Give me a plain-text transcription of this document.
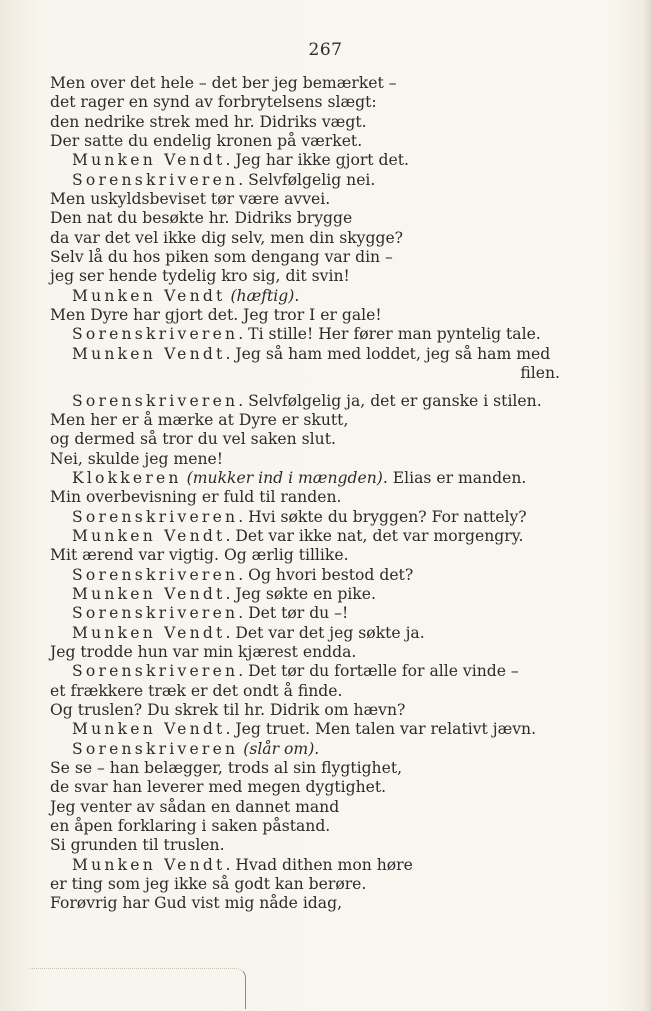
267
Men over det hele – det ber jeg bemærket –
det rager en synd av forbrytelsens slægt:
den nedrike strek med hr. Didriks vægt.
Der satte du endelig kronen på værket.
Munken Vendt. Jeg har ikke gjort det.
Sorenskriveren. Selvfølgelig nei.
Men uskyldsbeviset tør være avvei.
Den nat du besøkte hr. Didriks brygge
da var det vel ikke dig selv, men din skygge?
Selv lå du hos piken som dengang var din –
jeg ser hende tydelig kro sig, dit svin!
Munken Vendt (hæftig).
Men Dyre har gjort det. Jeg tror I er gale!
Sorenskriveren. Ti stille! Her fører man pyntelig tale.
Munken Vendt. Jeg så ham med loddet, jeg så ham med
filen.
Sorenskriveren. Selvfølgelig ja, det er ganske i stilen.
Men her er å mærke at Dyre er skutt,
og dermed så tror du vel saken slut.
Nei, skulde jeg mene!
Klokkeren (mukker ind i mængden). Elias er manden.
Min overbevisning er fuld til randen.
Sorenskriveren. Hvi søkte du bryggen? For nattely?
Munken Vendt. Det var ikke nat, det var morgengry.
Mit ærend var vigtig. Og ærlig tillike.
Sorenskriveren. Og hvori bestod det?
Munken Vendt. Jeg søkte en pike.
Sorenskriveren. Det tør du –!
Munken Vendt. Det var det jeg søkte ja.
Jeg trodde hun var min kjærest endda.
Sorenskriveren. Det tør du fortælle for alle vinde –
et frækkere træk er det ondt å finde.
Og truslen? Du skrek til hr. Didrik om hævn?
Munken Vendt. Jeg truet. Men talen var relativt jævn.
Sorenskriveren (slår om).
Se se – han belægger, trods al sin flygtighet,
de svar han leverer med megen dygtighet.
Jeg venter av sådan en dannet mand
en åpen forklaring i saken påstand.
Si grunden til truslen.
Munken Vendt. Hvad dithen mon høre
er ting som jeg ikke så godt kan berøre.
Forøvrig har Gud vist mig nåde idag,
